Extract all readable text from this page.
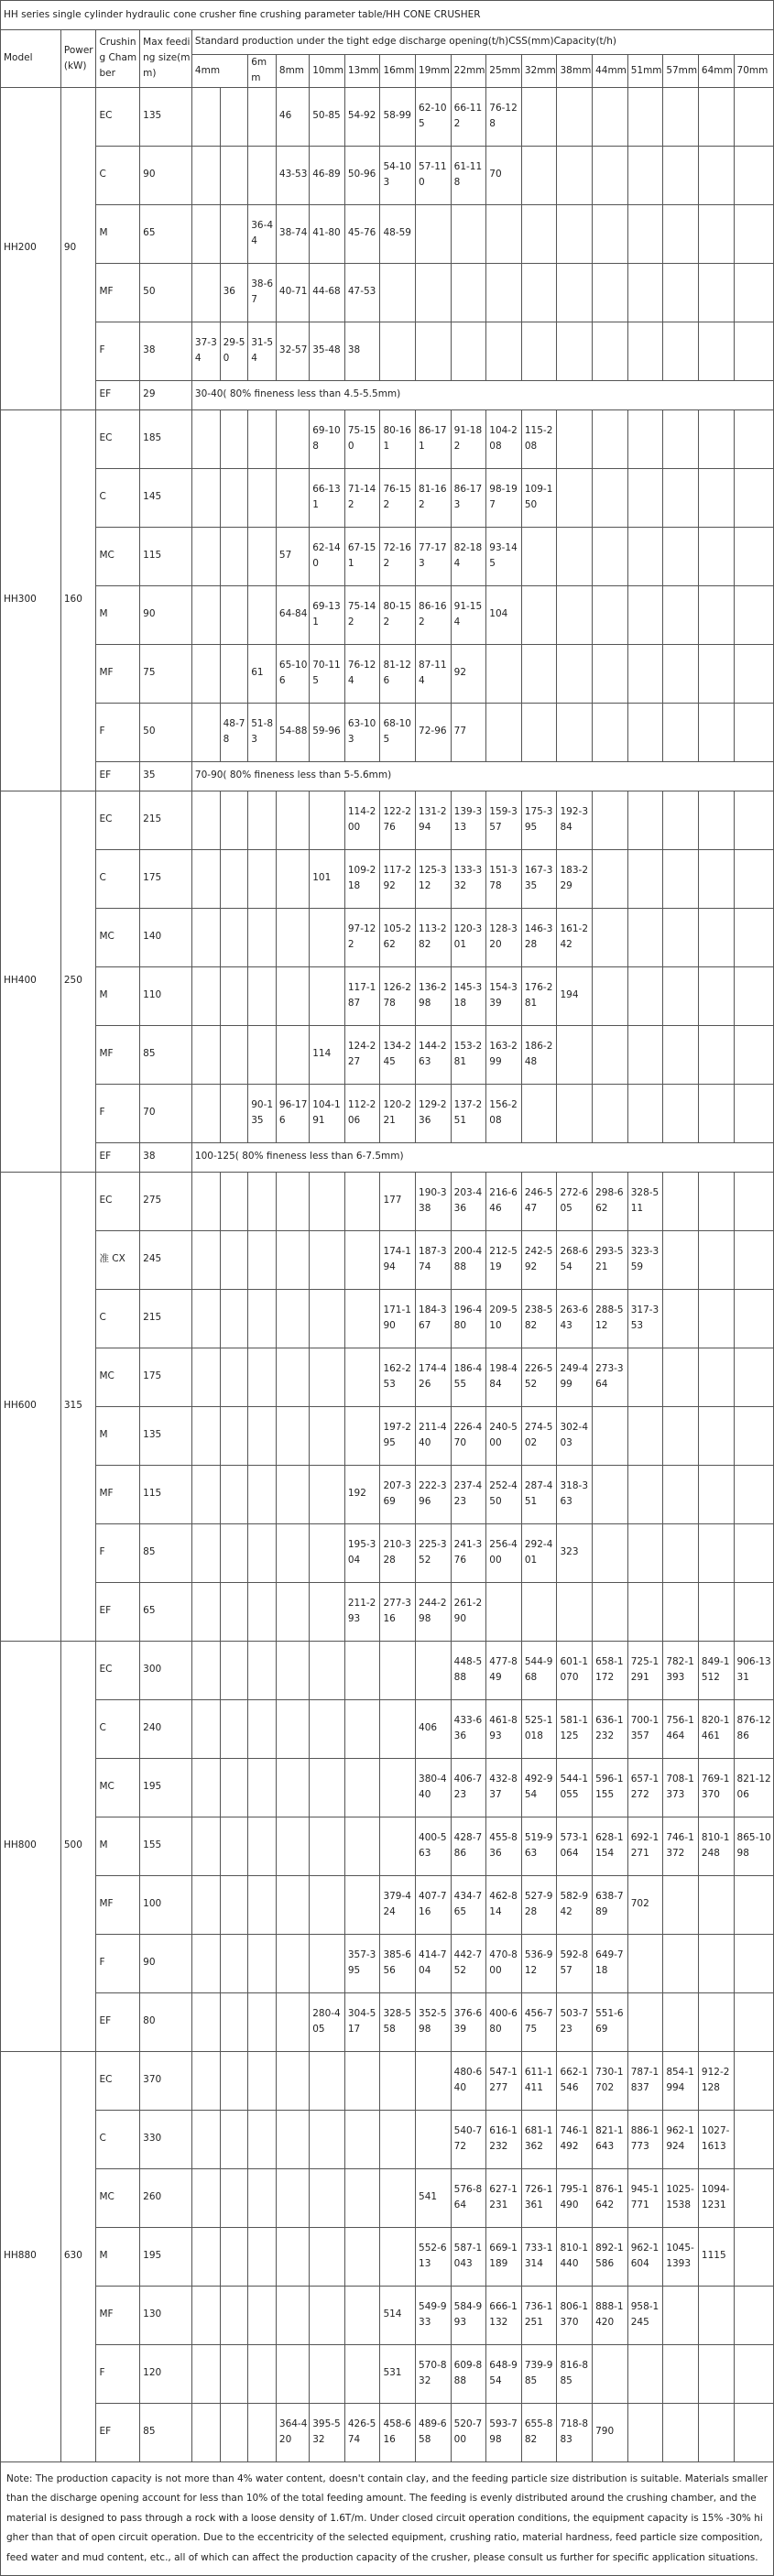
HH series single cylinder hydraulic cone crusher fine crushing parameter table/HH CONE CRUSHER																				
Model	Power (kW)	Crushing Chamber	Max feeding size(mm)	Standard production under the tight edge discharge opening(t/h)CSS(mm)Capacity(t/h)																
				4mm		6mm	8mm	10mm	13mm	16mm	19mm	22mm	25mm	32mm	38mm	44mm	51mm	57mm	64mm	70mm
HH200	90	EC	135				46	50-85	54-92	58-99	62-105	66-112	76-128							
		C	90				43-53	46-89	50-96	54-103	57-110	61-118	70							
		M	65			36-44	38-74	41-80	45-76	48-59										
		MF	50		36	38-67	40-71	44-68	47-53											
		F	38	37-34	29-50	31-54	32-57	35-48	38											
		EF	29	30-40( 80% fineness less than 4.5-5.5mm)																
HH300	160	EC	185					69-108	75-150	80-161	86-171	91-182	104-208	115-208						
		C	145					66-131	71-142	76-152	81-162	86-173	98-197	109-150						
		MC	115				57	62-140	67-151	72-162	77-173	82-184	93-145							
		M	90				64-84	69-131	75-142	80-152	86-162	91-154	104							
		MF	75			61	65-106	70-115	76-124	81-126	87-114	92								
		F	50		48-78	51-83	54-88	59-96	63-103	68-105	72-96	77								
		EF	35	70-90( 80% fineness less than 5-5.6mm)																
HH400	250	EC	215						114-200	122-276	131-294	139-313	159-357	175-395	192-384					
		C	175					101	109-218	117-292	125-312	133-332	151-378	167-335	183-229					
		MC	140						97-122	105-262	113-282	120-301	128-320	146-328	161-242					
		M	110						117-187	126-278	136-298	145-318	154-339	176-281	194					
		MF	85					114	124-227	134-245	144-263	153-281	163-299	186-248						
		F	70			90-135	96-176	104-191	112-206	120-221	129-236	137-251	156-208							
		EF	38	100-125( 80% fineness less than 6-7.5mm)																
HH600	315	EC	275							177	190-338	203-436	216-646	246-547	272-605	298-662	328-511			
		准 CX	245							174-194	187-374	200-488	212-519	242-592	268-654	293-521	323-359			
		C	215							171-190	184-367	196-480	209-510	238-582	263-643	288-512	317-353			
		MC	175							162-253	174-426	186-455	198-484	226-552	249-499	273-364				
		M	135							197-295	211-440	226-470	240-500	274-502	302-403					
		MF	115						192	207-369	222-396	237-423	252-450	287-451	318-363					
		F	85						195-304	210-328	225-352	241-376	256-400	292-401	323					
		EF	65						211-293	277-316	244-298	261-290								
HH800	500	EC	300									448-588	477-849	544-968	601-1070	658-1172	725-1291	782-1393	849-1512	906-1331
		C	240								406	433-636	461-893	525-1018	581-1125	636-1232	700-1357	756-1464	820-1461	876-1286
		MC	195								380-440	406-723	432-837	492-954	544-1055	596-1155	657-1272	708-1373	769-1370	821-1206
		M	155								400-563	428-786	455-836	519-963	573-1064	628-1154	692-1271	746-1372	810-1248	865-1098
		MF	100							379-424	407-716	434-765	462-814	527-928	582-942	638-789	702			
		F	90						357-395	385-656	414-704	442-752	470-800	536-912	592-857	649-718				
		EF	80					280-405	304-517	328-558	352-598	376-639	400-680	456-775	503-723	551-669				
HH880	630	EC	370									480-640	547-1277	611-1411	662-1546	730-1702	787-1837	854-1994	912-2128	
		C	330									540-772	616-1232	681-1362	746-1492	821-1643	886-1773	962-1924	1027-1613	
		MC	260								541	576-864	627-1231	726-1361	795-1490	876-1642	945-1771	1025-1538	1094-1231	
		M	195								552-613	587-1043	669-1189	733-1314	810-1440	892-1586	962-1604	1045-1393	1115	
		MF	130							514	549-933	584-993	666-1132	736-1251	806-1370	888-1420	958-1245			
		F	120							531	570-832	609-888	648-954	739-985	816-885					
		EF	85				364-420	395-532	426-574	458-616	489-658	520-700	593-798	655-882	718-883	790				
Note: The production capacity is not more than 4% water content, doesn't contain clay, and the feeding particle size distribution is suitable. Materials smaller than the discharge opening account for less than 10% of the total feeding amount. The feeding is evenly distributed around the crushing chamber, and the material is designed to pass through a rock with a loose density of 1.6T/m. Under closed circuit operation conditions, the equipment capacity is 15% -30% higher than that of open circuit operation. Due to the eccentricity of the selected equipment, crushing ratio, material hardness, feed particle size composition, feed water and mud content, etc., all of which can affect the production capacity of the crusher, please consult us further for specific application situations.																				
